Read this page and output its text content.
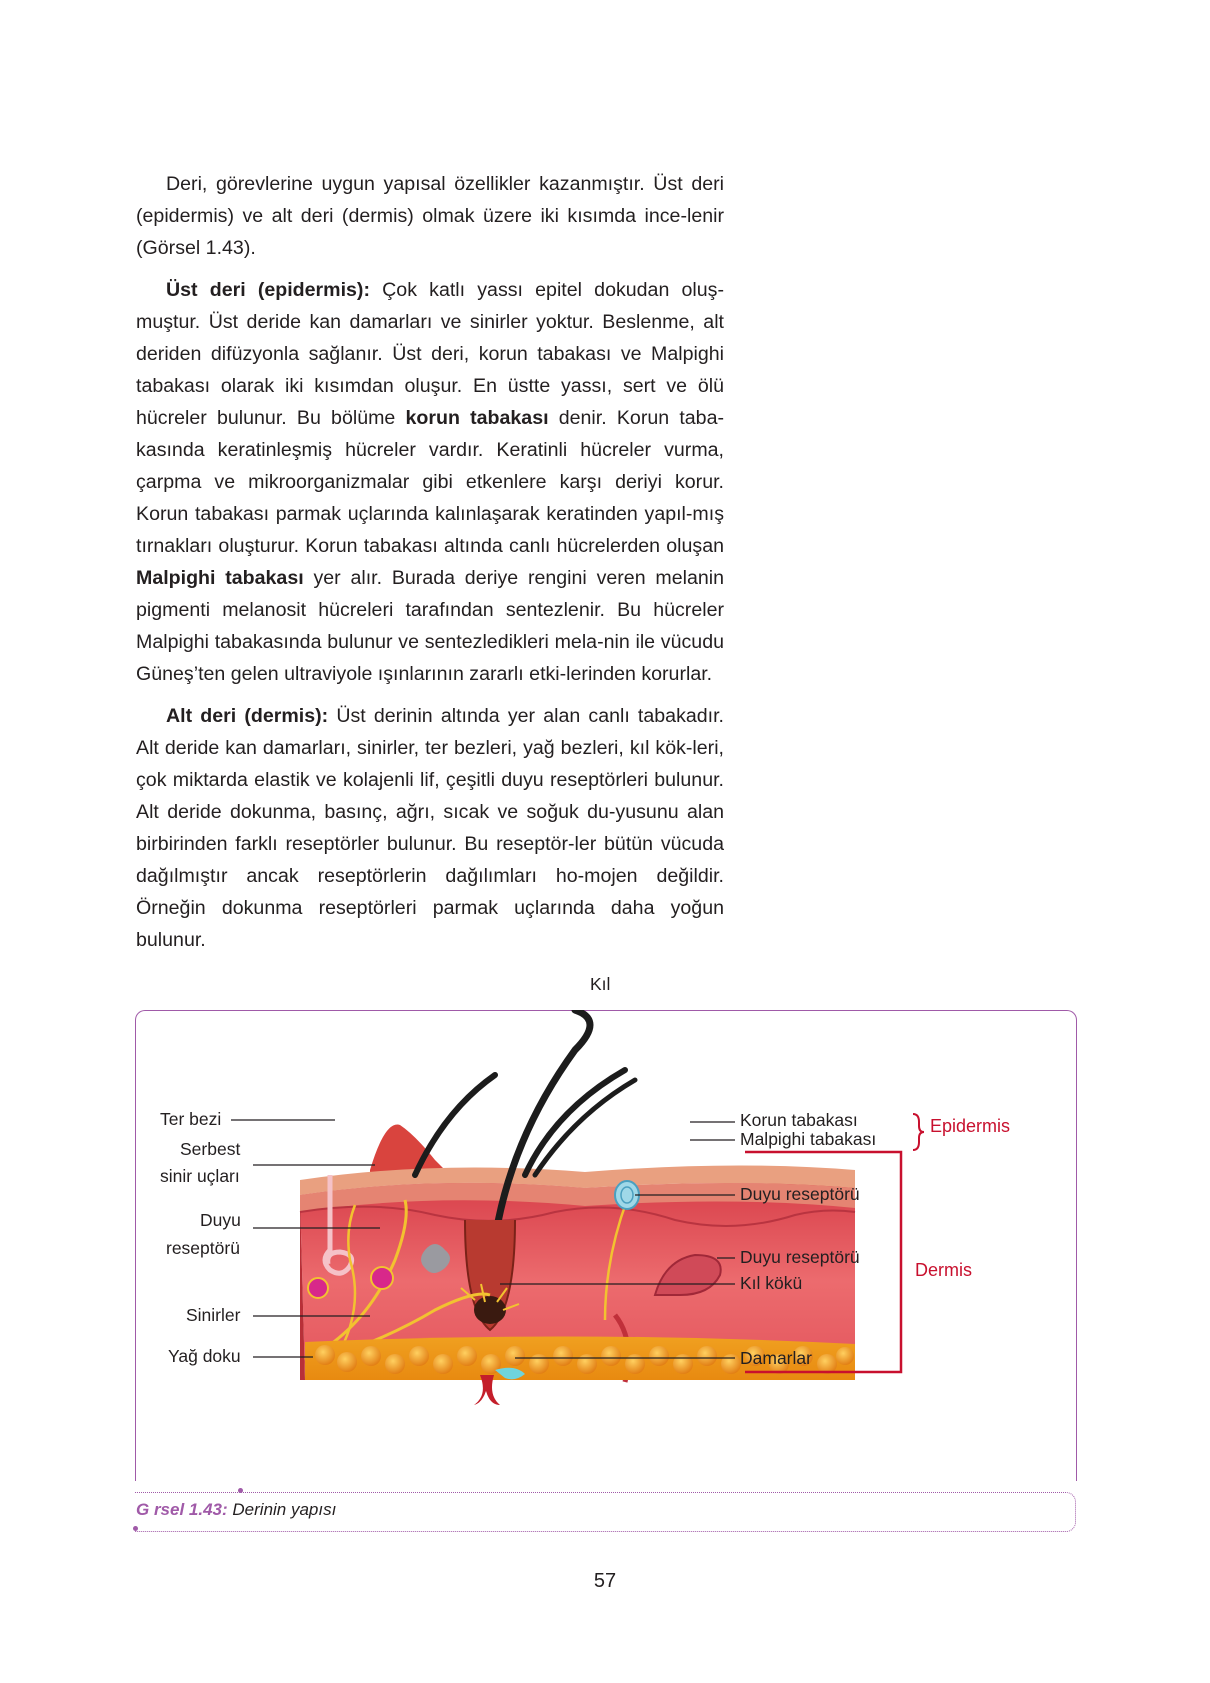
Deri, görevlerine uygun yapısal özellikler kazanmıştır. Üst deri (epidermis) ve alt deri (dermis) olmak üzere iki kısımda ince-lenir (Görsel 1.43).

Üst deri (epidermis): Çok katlı yassı epitel dokudan oluş-muştur. Üst deride kan damarları ve sinirler yoktur. Beslenme, alt deriden difüzyonla sağlanır. Üst deri, korun tabakası ve Malpighi tabakası olarak iki kısımdan oluşur. En üstte yassı, sert ve ölü hücreler bulunur. Bu bölüme korun tabakası denir. Korun taba-kasında keratinleşmiş hücreler vardır. Keratinli hücreler vurma, çarpma ve mikroorganizmalar gibi etkenlere karşı deriyi korur. Korun tabakası parmak uçlarında kalınlaşarak keratinden yapıl-mış tırnakları oluşturur. Korun tabakası altında canlı hücrelerden oluşan Malpighi tabakası yer alır. Burada deriye rengini veren melanin pigmenti melanosit hücreleri tarafından sentezlenir. Bu hücreler Malpighi tabakasında bulunur ve sentezledikleri mela-nin ile vücudu Güneş’ten gelen ultraviyole ışınlarının zararlı etki-lerinden korurlar.

Alt deri (dermis): Üst derinin altında yer alan canlı tabakadır. Alt deride kan damarları, sinirler, ter bezleri, yağ bezleri, kıl kök-leri, çok miktarda elastik ve kolajenli lif, çeşitli duyu reseptörleri bulunur. Alt deride dokunma, basınç, ağrı, sıcak ve soğuk du-yusunu alan birbirinden farklı reseptörler bulunur. Bu reseptör-ler bütün vücuda dağılmıştır ancak reseptörlerin dağılımları ho-mojen değildir. Örneğin dokunma reseptörleri parmak uçlarında daha yoğun bulunur.

Kıl
Ter bezi
Serbest
sinir uçları
Duyu
reseptörü
Sinirler
Yağ doku
Korun tabakası
Malpighi tabakası
Duyu reseptörü
Duyu reseptörü
Kıl kökü
Damarlar
Epidermis
Dermis
G rsel 1.43: Derinin yapısı
57
